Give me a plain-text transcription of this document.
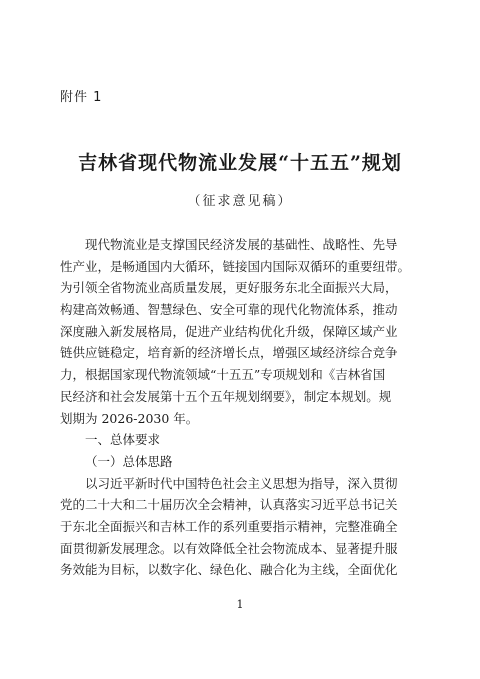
附件 1
吉林省现代物流业发展“十五五”规划
（征求意见稿）
现代物流业是支撑国民经济发展的基础性、战略性、先导
性产业，是畅通国内大循环，链接国内国际双循环的重要纽带。
为引领全省物流业高质量发展，更好服务东北全面振兴大局，
构建高效畅通、智慧绿色、安全可靠的现代化物流体系，推动
深度融入新发展格局，促进产业结构优化升级，保障区域产业
链供应链稳定，培育新的经济增长点，增强区域经济综合竞争
力，根据国家现代物流领域“十五五”专项规划和《吉林省国
民经济和社会发展第十五个五年规划纲要》，制定本规划。规
划期为 2026-2030 年。
一、总体要求
（一）总体思路
以习近平新时代中国特色社会主义思想为指导，深入贯彻
党的二十大和二十届历次全会精神，认真落实习近平总书记关
于东北全面振兴和吉林工作的系列重要指示精神，完整准确全
面贯彻新发展理念。以有效降低全社会物流成本、显著提升服
务效能为目标，以数字化、绿色化、融合化为主线，全面优化
1
